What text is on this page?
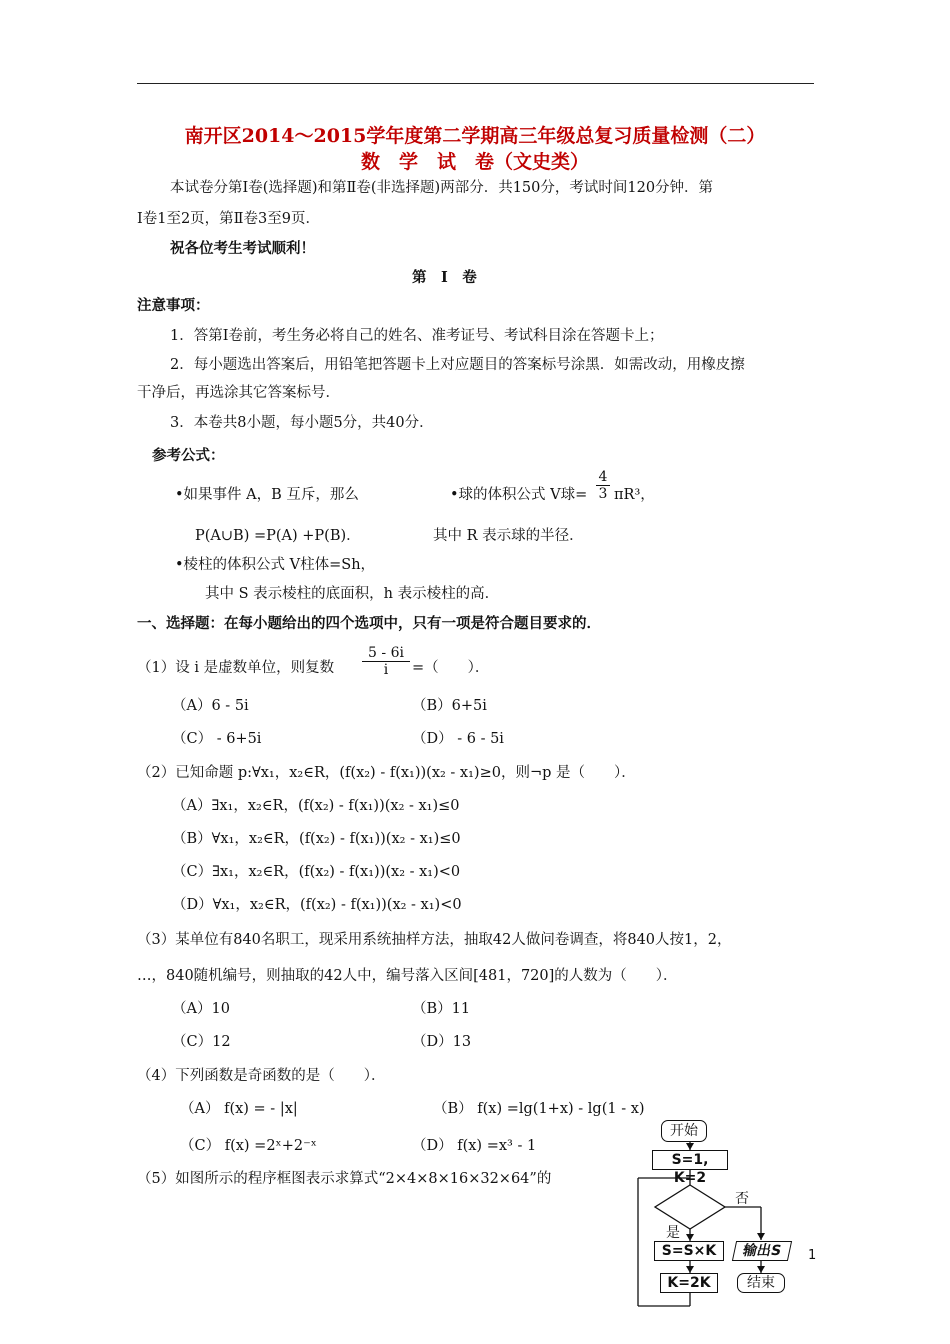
南开区2014～2015学年度第二学期高三年级总复习质量检测（二）
数　学　试　卷（文史类）
本试卷分第Ⅰ卷(选择题)和第Ⅱ卷(非选择题)两部分．共150分，考试时间120分钟．第
Ⅰ卷1至2页，第Ⅱ卷3至9页．
祝各位考生考试顺利！
第　Ⅰ　卷
注意事项：
1．答第Ⅰ卷前，考生务必将自己的姓名、准考证号、考试科目涂在答题卡上；
2．每小题选出答案后，用铅笔把答题卡上对应题目的答案标号涂黑．如需改动，用橡皮擦
干净后，再选涂其它答案标号．
3．本卷共8小题，每小题5分，共40分．
参考公式：
•如果事件 A，B 互斥，那么	•球的体积公式 V球= $\frac{4}{3} \pi R^3$，
P(A∪B) =P(A) +P(B)．	其中 R 表示球的半径．
•棱柱的体积公式 V柱体=Sh，
其中 S 表示棱柱的底面积，h 表示棱柱的高．
一、选择题：在每小题给出的四个选项中，只有一项是符合题目要求的．
（1）设 i 是虚数单位，则复数 $\frac{5 - 6i}{i}$ =（　　）．
（A）6 - 5i	（B）6+5i
（C） - 6+5i	（D） - 6 - 5i
（2）已知命题 p:∀x₁，x₂∈R，(f(x₂) - f(x₁))(x₂ - x₁)≥0，则¬p 是（　　）．
（A）∃x₁，x₂∈R，(f(x₂) - f(x₁))(x₂ - x₁)≤0
（B）∀x₁，x₂∈R，(f(x₂) - f(x₁))(x₂ - x₁)≤0
（C）∃x₁，x₂∈R，(f(x₂) - f(x₁))(x₂ - x₁)<0
（D）∀x₁，x₂∈R，(f(x₂) - f(x₁))(x₂ - x₁)<0
（3）某单位有840名职工，现采用系统抽样方法，抽取42人做问卷调查，将840人按1，2，
…，840随机编号，则抽取的42人中，编号落入区间[481，720]的人数为（　　）．
（A）10	（B）11
（C）12	（D）13
（4）下列函数是奇函数的是（　　）．
（A） f(x) = - |x|	（B） f(x) =lg(1+x) - lg(1 - x)
（C） f(x) =2ˣ+2⁻ˣ	（D） f(x) =x³ - 1
（5）如图所示的程序框图表示求算式“2×4×8×16×32×64”的
开始
S=1, K=2
否
是
S=S×K	输出S
K=2K	结束
1
